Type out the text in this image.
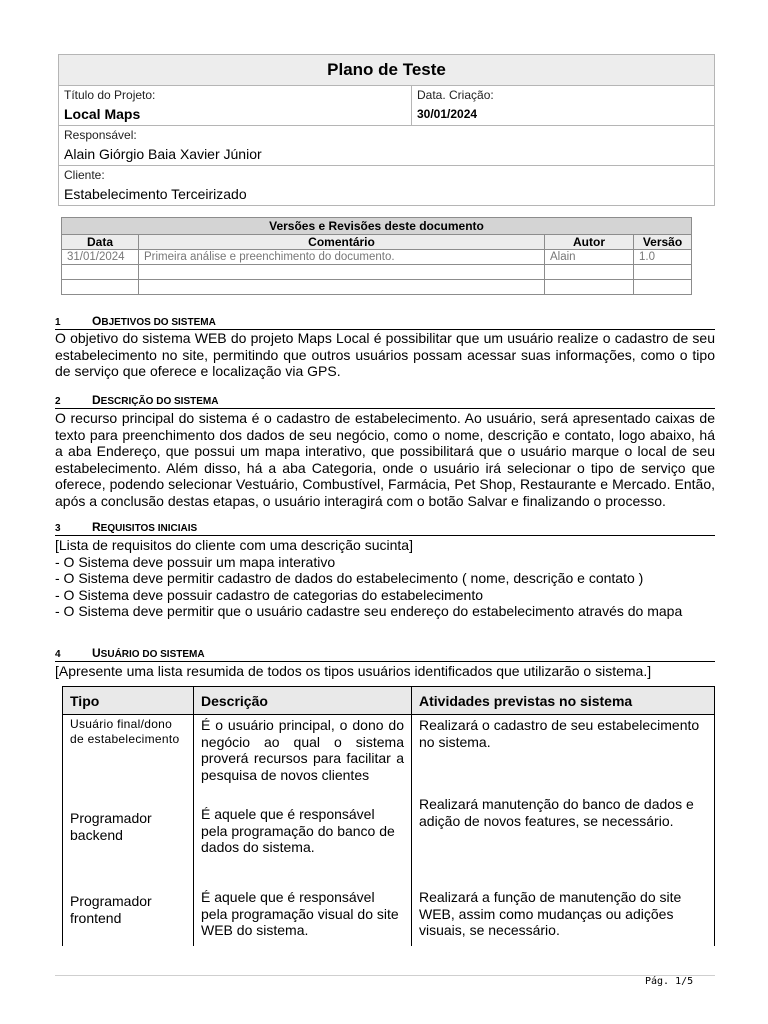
Plano de Teste

Título do Projeto:
Local Maps

Data. Criação:
30/01/2024

Responsável:
Alain Giórgio Baia Xavier Júnior

Cliente:
Estabelecimento Terceirizado
Versões e Revisões deste documento			
Data	Comentário	Autor	Versão
31/01/2024	Primeira análise e preenchimento do documento.	Alain	1.0

1	OBJETIVOS DO SISTEMA
O objetivo do sistema WEB do projeto Maps Local é possibilitar que um usuário realize o cadastro de seu estabelecimento no site, permitindo que outros usuários possam acessar suas informações, como o tipo de serviço que oferece e localização via GPS.
2	DESCRIÇÃO DO SISTEMA
O recurso principal do sistema é o cadastro de estabelecimento. Ao usuário, será apresentado caixas de texto para preenchimento dos dados de seu negócio, como o nome, descrição e contato, logo abaixo, há a aba Endereço, que possui um mapa interativo, que possibilitará que o usuário marque o local de seu estabelecimento. Além disso, há a aba Categoria, onde o usuário irá selecionar o tipo de serviço que oferece, podendo selecionar Vestuário, Combustível, Farmácia, Pet Shop, Restaurante e Mercado. Então, após a conclusão destas etapas, o usuário interagirá com o botão Salvar e finalizando o processo.
3	REQUISITOS INICIAIS
[Lista de requisitos do cliente com uma descrição sucinta]
- O Sistema deve possuir um mapa interativo
- O Sistema deve permitir cadastro de dados do estabelecimento ( nome, descrição e contato )
- O Sistema deve possuir cadastro de categorias do estabelecimento
- O Sistema deve permitir que o usuário cadastre seu endereço do estabelecimento através do mapa
4	USUÁRIO DO SISTEMA
[Apresente uma lista resumida de todos os tipos usuários identificados que utilizarão o sistema.]
Tipo	Descrição	Atividades previstas no sistema
Usuário final/dono de estabelecimento	É o usuário principal, o dono do negócio ao qual o sistema proverá recursos para facilitar a pesquisa de novos clientes	Realizará o cadastro de seu estabelecimento no sistema.
Programador backend	É aquele que é responsável pela programação do banco de dados do sistema.	Realizará manutenção do banco de dados e adição de novos features, se necessário.
Programador frontend	É aquele que é responsável pela programação visual do site WEB do sistema.	Realizará a função de manutenção do site WEB, assim como mudanças ou adições visuais, se necessário.
Pág. 1/5
